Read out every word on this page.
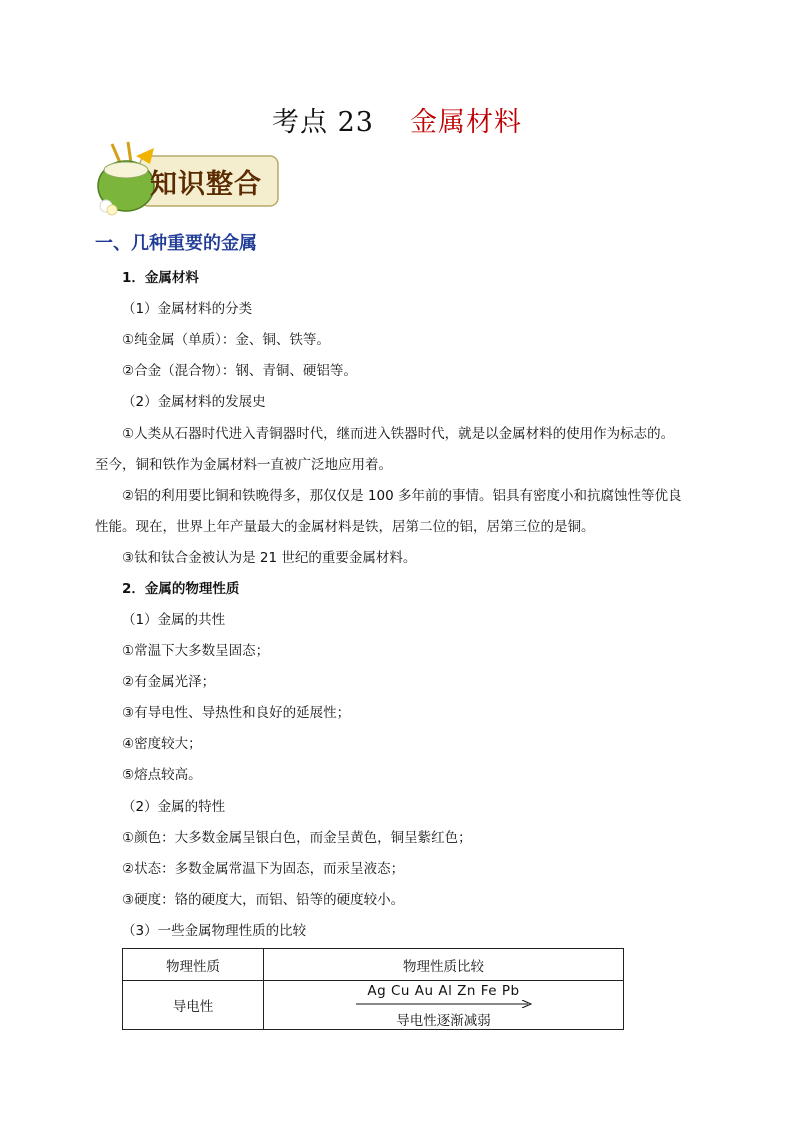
考点 23 金属材料
知识整合
一、几种重要的金属
1．金属材料
（1）金属材料的分类
①纯金属（单质）：金、铜、铁等。
②合金（混合物）：钢、青铜、硬铝等。
（2）金属材料的发展史
①人类从石器时代进入青铜器时代，继而进入铁器时代，就是以金属材料的使用作为标志的。
至今，铜和铁作为金属材料一直被广泛地应用着。
②铝的利用要比铜和铁晚得多，那仅仅是 100 多年前的事情。铝具有密度小和抗腐蚀性等优良
性能。现在，世界上年产量最大的金属材料是铁，居第二位的铝，居第三位的是铜。
③钛和钛合金被认为是 21 世纪的重要金属材料。
2．金属的物理性质
（1）金属的共性
①常温下大多数呈固态；
②有金属光泽；
③有导电性、导热性和良好的延展性；
④密度较大；
⑤熔点较高。
（2）金属的特性
①颜色：大多数金属呈银白色，而金呈黄色，铜呈紫红色；
②状态：多数金属常温下为固态，而汞呈液态；
③硬度：铬的硬度大，而铝、铅等的硬度较小。
（3）一些金属物理性质的比较
物理性质	物理性质比较
导电性	Ag Cu Au Al Zn Fe Pb
导电性逐渐减弱
